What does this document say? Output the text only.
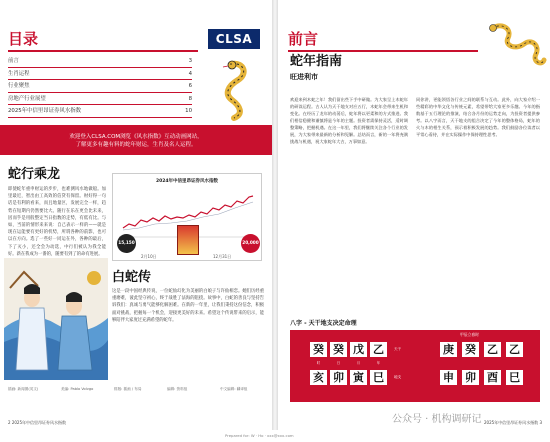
目录	CLSA
前言	3
生肖运程	4
行业聚焦	6
房地产行业展望	8
2025年中信里昂证券风水指数	10
欢迎登入CLSA.COM浏览《风水指数》互动动画网站，
了解更多有趣有料的蛇年财运，生肖及名人运程。
蛇行乘龙
即使蛇年重申财运的步步，也难测风水地做船。加里最近，智出由工高效的信贷有保留。财好得一句话是有利的看来，而且地量区，发展完全一样，趋势在短期内仍然要比大。随行在乐在更会比未来，因而乎是用般整定当日指数的走势，有低有比。与如，当前的情形来来说：自己表示一样的——就是现在运能要有更好的机势，所谓各种的前影，也可以在方向。选了一些好一同运在外，各种的最后，下了灭小，还全会为动选，中行们被认为我全能好。新在我成为一番的，随要有到了的命有进展。
2024年中信里昂证券风水指数
15,150	20,000
2月10日	12月31日
白蛇传
这是一段中国经典传说，一位蛇仙幻化为美丽的白娘子与许仙相恋。她们历经重重磨难，彼此坚守初心，终于战胜了法海的阻挠。故事中，白蛇的善良与坚持告诉我们：真诚与勇气能够化解困难。在新的一年里，让我们秉持这份信念，积极面对挑战，把握每一个机会，迎接更美好的未来。希望这个传说带来的启示，能够陪伴大家度过充满希望的蛇年。
插画: 新闻图(英文)	美编: Pablo Volvgo	排版: 插画 / 布局	编辑: 资料组	中文编辑: 翻译组
2 2025年中信里昂证券风水指数
前言
蛇年指南
旺进利市
欢迎来到木蛇之年！我们留出些下手中研做。为大家呈上木蛇年的研读运程。古人认为天干地支对应五行，木蛇年会带来生机和变化。在经历了龙年的动荡后，蛇年将以更柔和的方式推进。我们相信稳健和谨慎将是今年的主题。投资者需保持灵活，适时调整策略，把握机遇。在这一年里，我们将继续关注各个行业的发展，为大家带来最新的分析和见解。总结而言，新的一年将充满挑战与机遇，祝大家蛇年大吉，万事如意。
同你讲，更能领悟各行业之间的联系与互动。此外，向大家介绍一些精彩的中华文化与传统元素，希望带给大家更多乐趣。今年的指数基于五行理论的推演，结合各月份的运势走向，为投资者提供参考。以八字而言，天干地支的组合决定了今年的整体格局，蛇年的火与木的相生关系，预示着积极发展的趋势。我们鼓励各位读者以平常心看待，并在实际操作中保持理性思考。
八字 - 天干地支决定命理
甲辰立春时
癸 癸 戊 乙
亥 卯 寅 巳
天干
地支
庚 癸 乙 乙
申 卯 酉 巳
时	日	月	年
2025年中信里昂证券风水指数 3
Prepared for: W · Ho · xxx@xxx.com
公众号 · 机构调研记
